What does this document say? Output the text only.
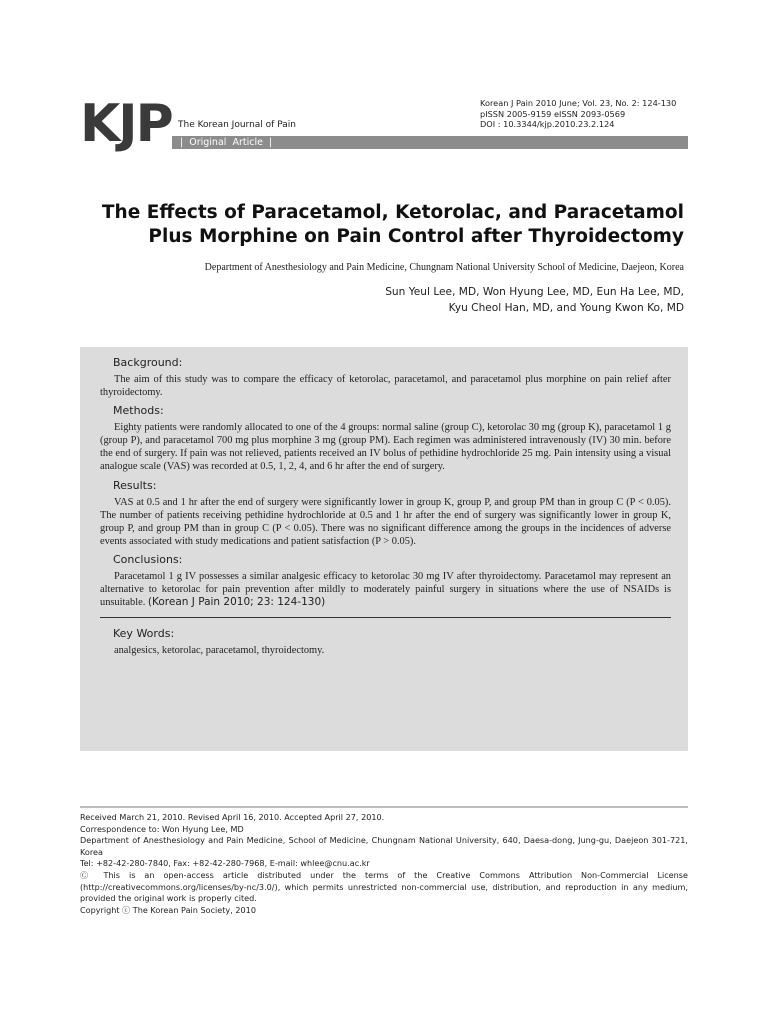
KJP The Korean Journal of Pain
|  Original  Article  |
Korean J Pain 2010 June; Vol. 23, No. 2: 124-130
pISSN 2005-9159 eISSN 2093-0569
DOI : 10.3344/kjp.2010.23.2.124
The Effects of Paracetamol, Ketorolac, and Paracetamol Plus Morphine on Pain Control after Thyroidectomy
Department of Anesthesiology and Pain Medicine, Chungnam National University School of Medicine, Daejeon, Korea
Sun Yeul Lee, MD, Won Hyung Lee, MD, Eun Ha Lee, MD,
Kyu Cheol Han, MD, and Young Kwon Ko, MD
Background:

The aim of this study was to compare the efficacy of ketorolac, paracetamol, and paracetamol plus morphine on pain relief after thyroidectomy.

Methods:

Eighty patients were randomly allocated to one of the 4 groups: normal saline (group C), ketorolac 30 mg (group K), paracetamol 1 g (group P), and paracetamol 700 mg plus morphine 3 mg (group PM). Each regimen was administered intravenously (IV) 30 min. before the end of surgery. If pain was not relieved, patients received an IV bolus of pethidine hydrochloride 25 mg. Pain intensity using a visual analogue scale (VAS) was recorded at 0.5, 1, 2, 4, and 6 hr after the end of surgery.

Results:

VAS at 0.5 and 1 hr after the end of surgery were significantly lower in group K, group P, and group PM than in group C (P < 0.05). The number of patients receiving pethidine hydrochloride at 0.5 and 1 hr after the end of surgery was significantly lower in group K, group P, and group PM than in group C (P < 0.05). There was no significant difference among the groups in the incidences of adverse events associated with study medications and patient satisfaction (P > 0.05).

Conclusions:

Paracetamol 1 g IV possesses a similar analgesic efficacy to ketorolac 30 mg IV after thyroidectomy. Paracetamol may represent an alternative to ketorolac for pain prevention after mildly to moderately painful surgery in situations where the use of NSAIDs is unsuitable. (Korean J Pain 2010; 23: 124-130)

Key Words:

analgesics, ketorolac, paracetamol, thyroidectomy.

Received March 21, 2010. Revised April 16, 2010. Accepted April 27, 2010.

Correspondence to: Won Hyung Lee, MD

Department of Anesthesiology and Pain Medicine, School of Medicine, Chungnam National University, 640, Daesa-dong, Jung-gu, Daejeon 301-721, Korea

Tel: +82-42-280-7840, Fax: +82-42-280-7968, E-mail: whlee@cnu.ac.kr

Ⓒ This is an open-access article distributed under the terms of the Creative Commons Attribution Non-Commercial License (http://creativecommons.org/licenses/by-nc/3.0/), which permits unrestricted non-commercial use, distribution, and reproduction in any medium, provided the original work is properly cited.

Copyright ⓒ The Korean Pain Society, 2010
